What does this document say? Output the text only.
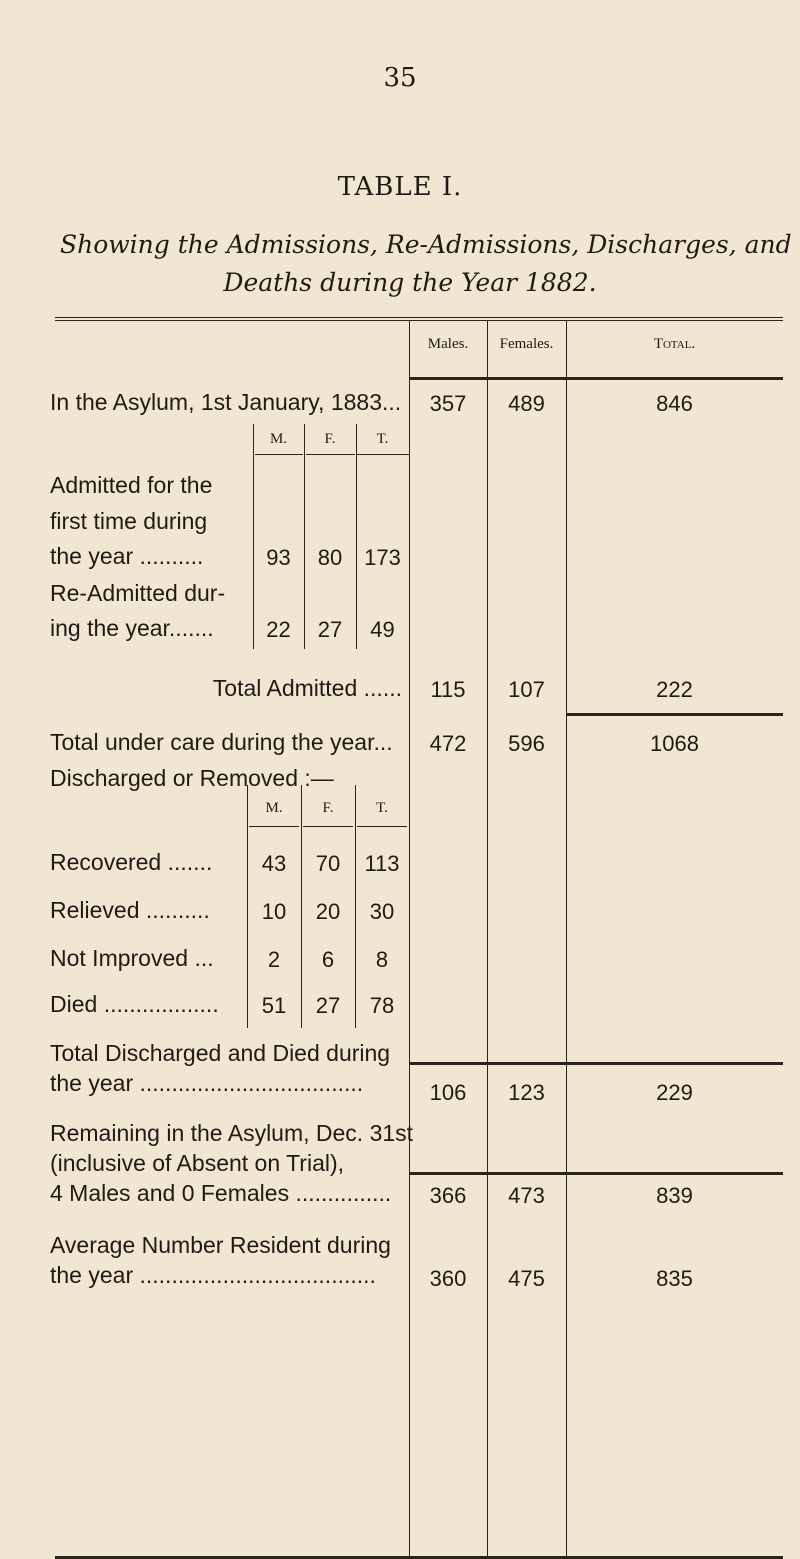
35
TABLE I.
Showing the Admissions, Re-Admissions, Discharges, and
Deaths during the Year 1882.
Males.	Females.	Total.
In the Asylum, 1st January, 1883...	357	489	846
M.	F.	T.
Admitted for the
first time during
the year ..........	93	80 173
Re-Admitted dur-
ing the year.......	22	27	49
Total Admitted ......	115	107	222
Total under care during the year...	472	596	1068
Discharged or Removed :—
M.	F.	T.
Recovered .......	43	70	113
Relieved ..........	10	20	30
Not Improved ...	2	6	8
Died ..................	51	27	78
Total Discharged and Died during
the year ...................................	106	123	229
Remaining in the Asylum, Dec. 31st
(inclusive of Absent on Trial),
4 Males and 0 Females ...............	366	473	839
Average Number Resident during
the year .....................................	360	475	835
